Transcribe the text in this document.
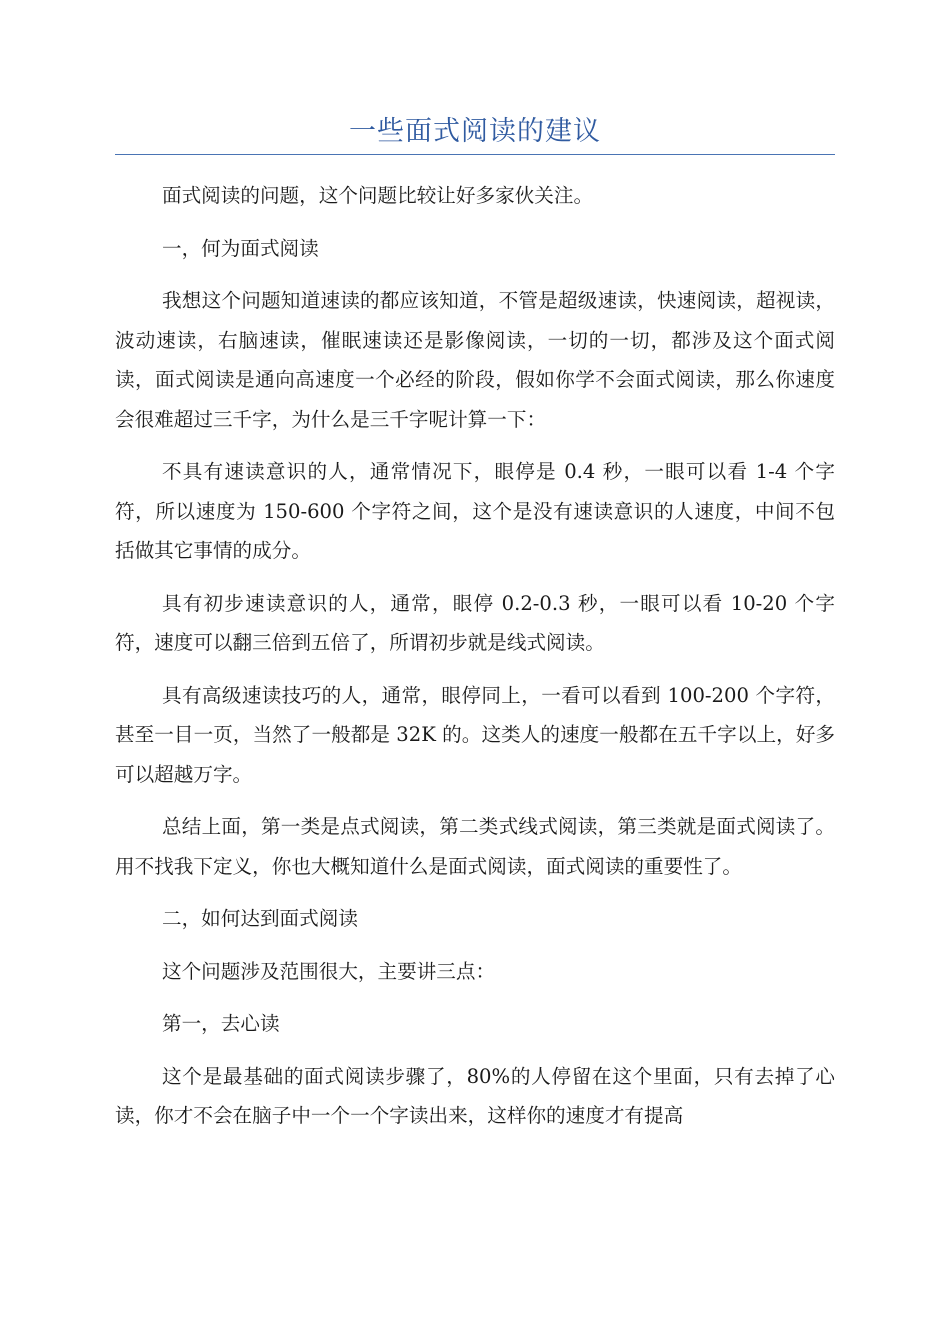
一些面式阅读的建议

面式阅读的问题，这个问题比较让好多家伙关注。

一，何为面式阅读

我想这个问题知道速读的都应该知道，不管是超级速读，快速阅读，超视读，波动速读，右脑速读，催眠速读还是影像阅读，一切的一切，都涉及这个面式阅读，面式阅读是通向高速度一个必经的阶段，假如你学不会面式阅读，那么你速度会很难超过三千字，为什么是三千字呢计算一下：

不具有速读意识的人，通常情况下，眼停是 0.4 秒，一眼可以看 1-4 个字符，所以速度为 150-600 个字符之间，这个是没有速读意识的人速度，中间不包括做其它事情的成分。

具有初步速读意识的人，通常，眼停 0.2-0.3 秒，一眼可以看 10-20 个字符，速度可以翻三倍到五倍了，所谓初步就是线式阅读。

具有高级速读技巧的人，通常，眼停同上，一看可以看到 100-200 个字符，甚至一目一页，当然了一般都是 32K 的。这类人的速度一般都在五千字以上，好多可以超越万字。

总结上面，第一类是点式阅读，第二类式线式阅读，第三类就是面式阅读了。用不找我下定义，你也大概知道什么是面式阅读，面式阅读的重要性了。

二，如何达到面式阅读

这个问题涉及范围很大，主要讲三点：

第一，去心读

这个是最基础的面式阅读步骤了，80%的人停留在这个里面，只有去掉了心读，你才不会在脑子中一个一个字读出来，这样你的速度才有提高
